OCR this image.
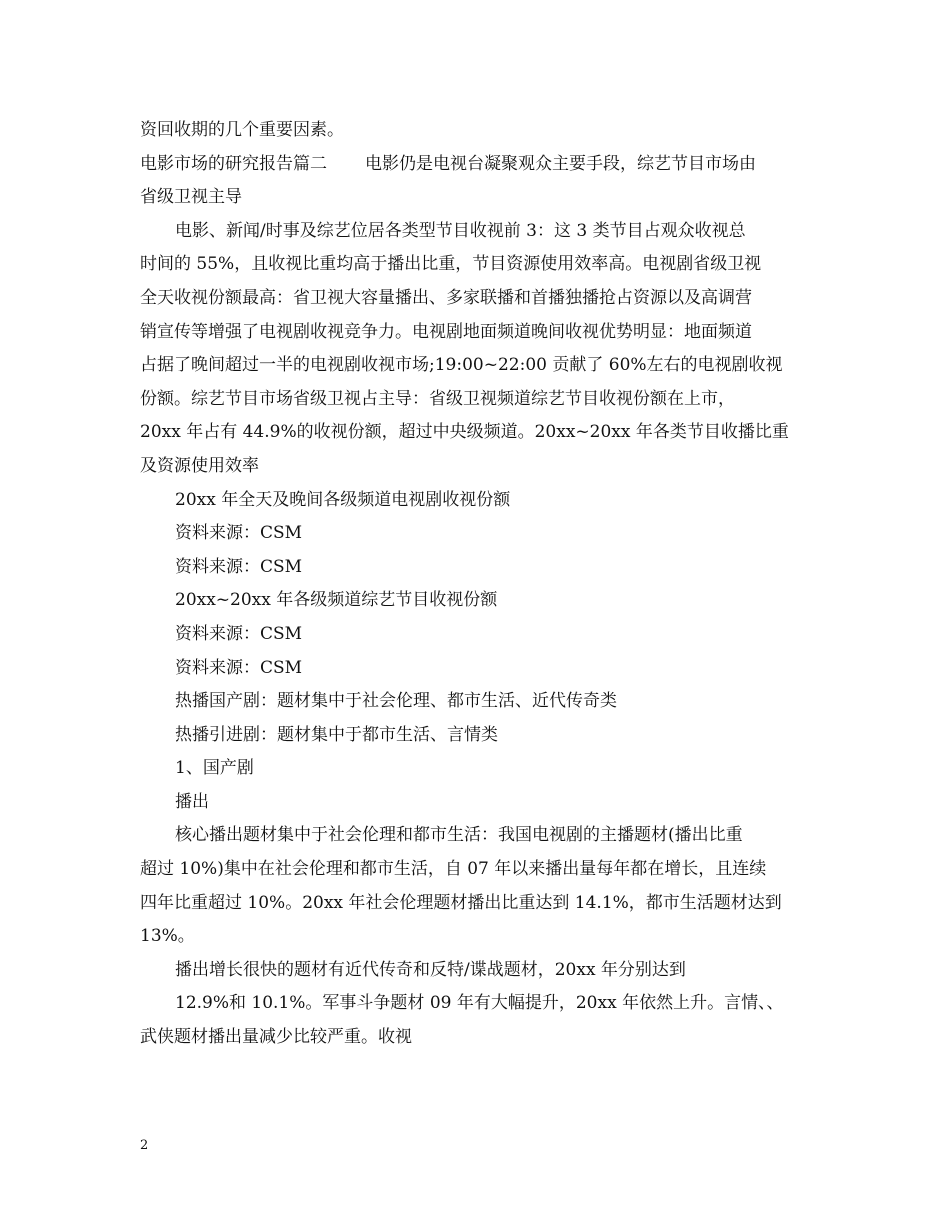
资回收期的几个重要因素。

电影市场的研究报告篇二 电影仍是电视台凝聚观众主要手段，综艺节目市场由

省级卫视主导

电影、新闻/时事及综艺位居各类型节目收视前 3：这 3 类节目占观众收视总

时间的 55%，且收视比重均高于播出比重，节目资源使用效率高。电视剧省级卫视

全天收视份额最高：省卫视大容量播出、多家联播和首播独播抢占资源以及高调营

销宣传等增强了电视剧收视竞争力。电视剧地面频道晚间收视优势明显：地面频道

占据了晚间超过一半的电视剧收视市场;19:00~22:00 贡献了 60%左右的电视剧收视

份额。综艺节目市场省级卫视占主导：省级卫视频道综艺节目收视份额在上市，

20xx 年占有 44.9%的收视份额，超过中央级频道。20xx~20xx 年各类节目收播比重

及资源使用效率

20xx 年全天及晚间各级频道电视剧收视份额

资料来源：CSM

资料来源：CSM

20xx~20xx 年各级频道综艺节目收视份额

资料来源：CSM

资料来源：CSM

热播国产剧：题材集中于社会伦理、都市生活、近代传奇类

热播引进剧：题材集中于都市生活、言情类

1、国产剧

播出

核心播出题材集中于社会伦理和都市生活：我国电视剧的主播题材(播出比重

超过 10%)集中在社会伦理和都市生活，自 07 年以来播出量每年都在增长，且连续

四年比重超过 10%。20xx 年社会伦理题材播出比重达到 14.1%，都市生活题材达到

13%。

播出增长很快的题材有近代传奇和反特/谍战题材，20xx 年分别达到

12.9%和 10.1%。军事斗争题材 09 年有大幅提升，20xx 年依然上升。言情、、

武侠题材播出量减少比较严重。收视

2
